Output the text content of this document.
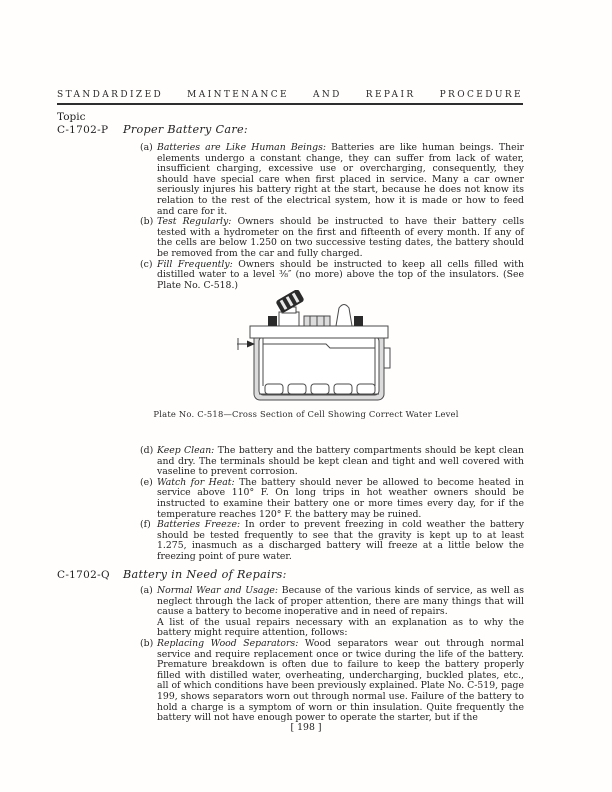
STANDARDIZED MAINTENANCE AND REPAIR PROCEDURE
Topic
C-1702-P Proper Battery Care:
(a) Batteries are Like Human Beings: Batteries are like human beings. Their elements undergo a constant change, they can suffer from lack of water, insufficient charging, excessive use or overcharging, consequently, they should have special care when first placed in service. Many a car owner seriously injures his battery right at the start, because he does not know its relation to the rest of the electrical system, how it is made or how to feed and care for it.
(b) Test Regularly: Owners should be instructed to have their battery cells tested with a hydrometer on the first and fifteenth of every month. If any of the cells are below 1.250 on two successive testing dates, the battery should be removed from the car and fully charged.
(c) Fill Frequently: Owners should be instructed to keep all cells filled with distilled water to a level ⅜″ (no more) above the top of the insulators. (See Plate No. C-518.)
Plate No. C-518—Cross Section of Cell Showing Correct Water Level
(d) Keep Clean: The battery and the battery compartments should be kept clean and dry. The terminals should be kept clean and tight and well covered with vaseline to prevent corrosion.
(e) Watch for Heat: The battery should never be allowed to become heated in service above 110° F. On long trips in hot weather owners should be instructed to examine their battery one or more times every day, for if the temperature reaches 120° F. the battery may be ruined.
(f) Batteries Freeze: In order to prevent freezing in cold weather the battery should be tested frequently to see that the gravity is kept up to at least 1.275, inasmuch as a discharged battery will freeze at a little below the freezing point of pure water.
C-1702-Q Battery in Need of Repairs:
(a) Normal Wear and Usage: Because of the various kinds of service, as well as neglect through the lack of proper attention, there are many things that will cause a battery to become inoperative and in need of repairs.
A list of the usual repairs necessary with an explanation as to why the battery might require attention, follows:
(b) Replacing Wood Separators: Wood separators wear out through normal service and require replacement once or twice during the life of the battery. Premature breakdown is often due to failure to keep the battery properly filled with distilled water, overheating, undercharging, buckled plates, etc., all of which conditions have been previously explained. Plate No. C-519, page 199, shows separators worn out through normal use. Failure of the battery to hold a charge is a symptom of worn or thin insulation. Quite frequently the battery will not have enough power to operate the starter, but if the
[ 198 ]
